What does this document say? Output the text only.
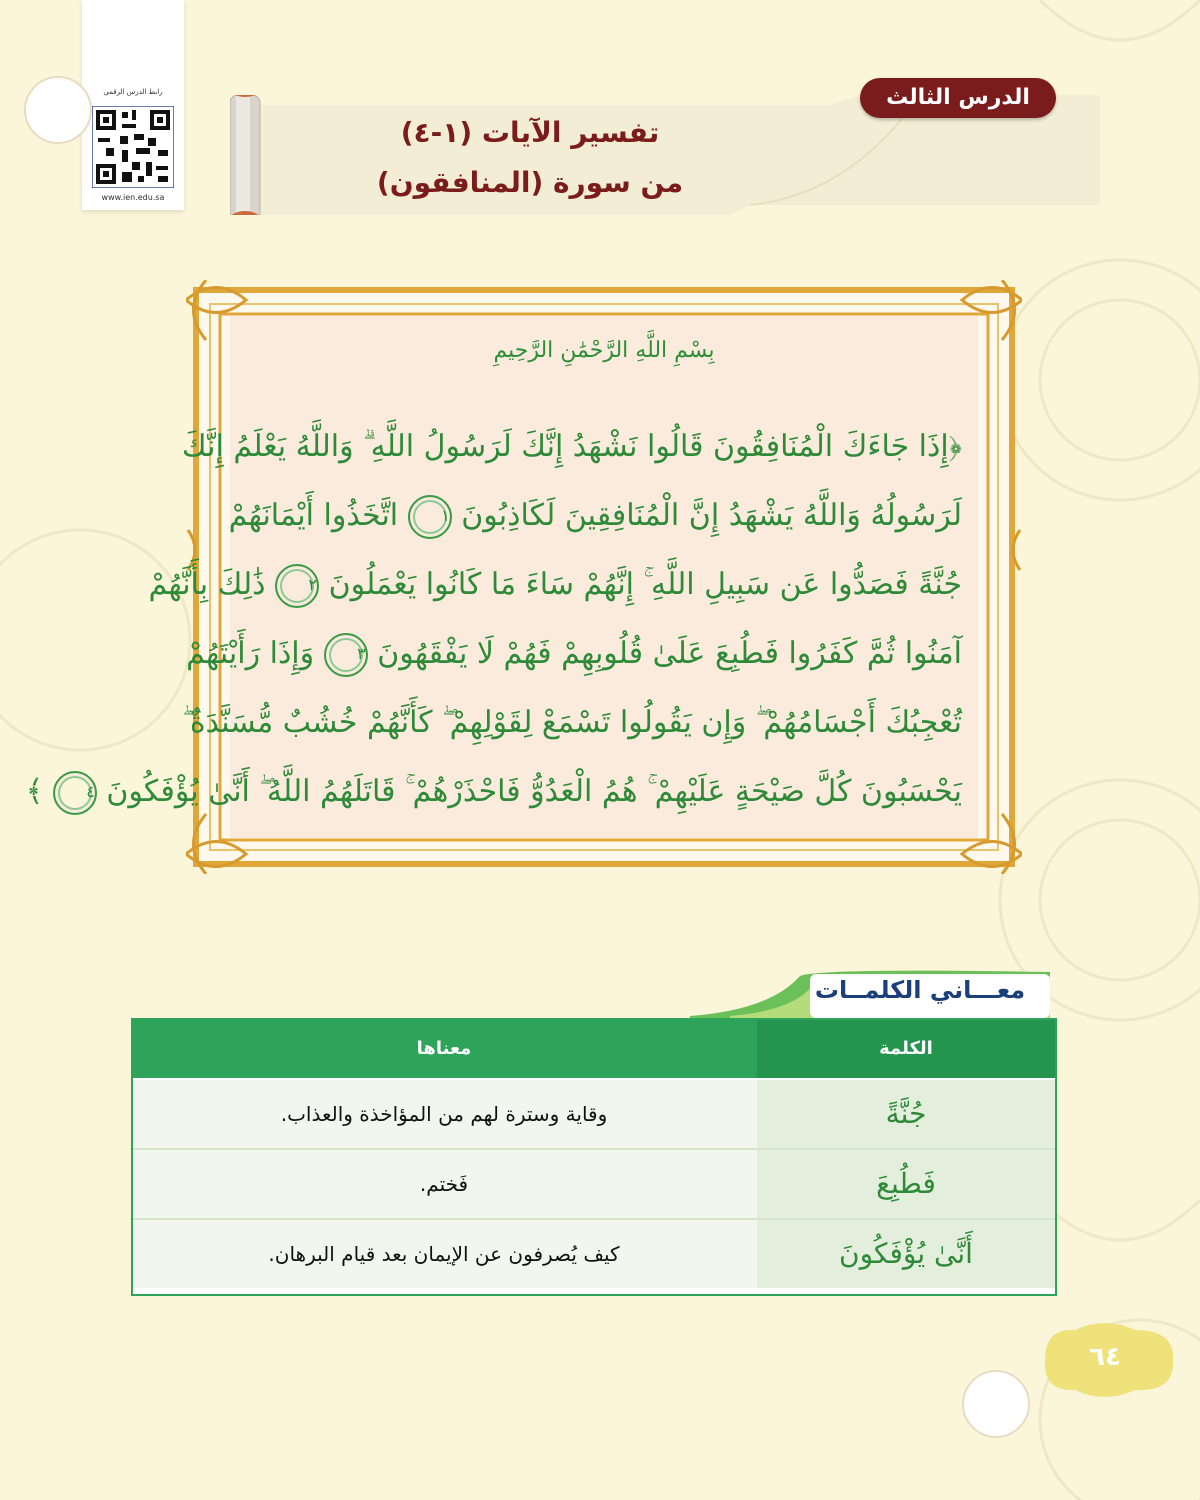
رابط الدرس الرقمي
www.ien.edu.sa
الدرس الثالث
تفسير الآيات (١-٤)
من سورة (المنافقون)
بِسْمِ اللَّهِ الرَّحْمَٰنِ الرَّحِيمِ
﴿إِذَا جَاءَكَ الْمُنَافِقُونَ قَالُوا نَشْهَدُ إِنَّكَ لَرَسُولُ اللَّهِ ۗ وَاللَّهُ يَعْلَمُ إِنَّكَ
لَرَسُولُهُ وَاللَّهُ يَشْهَدُ إِنَّ الْمُنَافِقِينَ لَكَاذِبُونَ ١ اتَّخَذُوا أَيْمَانَهُمْ
جُنَّةً فَصَدُّوا عَن سَبِيلِ اللَّهِ ۚ إِنَّهُمْ سَاءَ مَا كَانُوا يَعْمَلُونَ ٢ ذَٰلِكَ بِأَنَّهُمْ
آمَنُوا ثُمَّ كَفَرُوا فَطُبِعَ عَلَىٰ قُلُوبِهِمْ فَهُمْ لَا يَفْقَهُونَ ٣ وَإِذَا رَأَيْتَهُمْ
تُعْجِبُكَ أَجْسَامُهُمْ ۖ وَإِن يَقُولُوا تَسْمَعْ لِقَوْلِهِمْ ۖ كَأَنَّهُمْ خُشُبٌ مُّسَنَّدَةٌ ۖ
يَحْسَبُونَ كُلَّ صَيْحَةٍ عَلَيْهِمْ ۚ هُمُ الْعَدُوُّ فَاحْذَرْهُمْ ۚ قَاتَلَهُمُ اللَّهُ ۖ أَنَّىٰ يُؤْفَكُونَ ٤ ﴾
معـــاني الكلمــات
معناها	الكلمة
وقاية وسترة لهم من المؤاخذة والعذاب.	جُنَّةً
فَختم.	فَطُبِعَ
كيف يُصرفون عن الإيمان بعد قيام البرهان.	أَنَّىٰ يُؤْفَكُونَ
٦٤
